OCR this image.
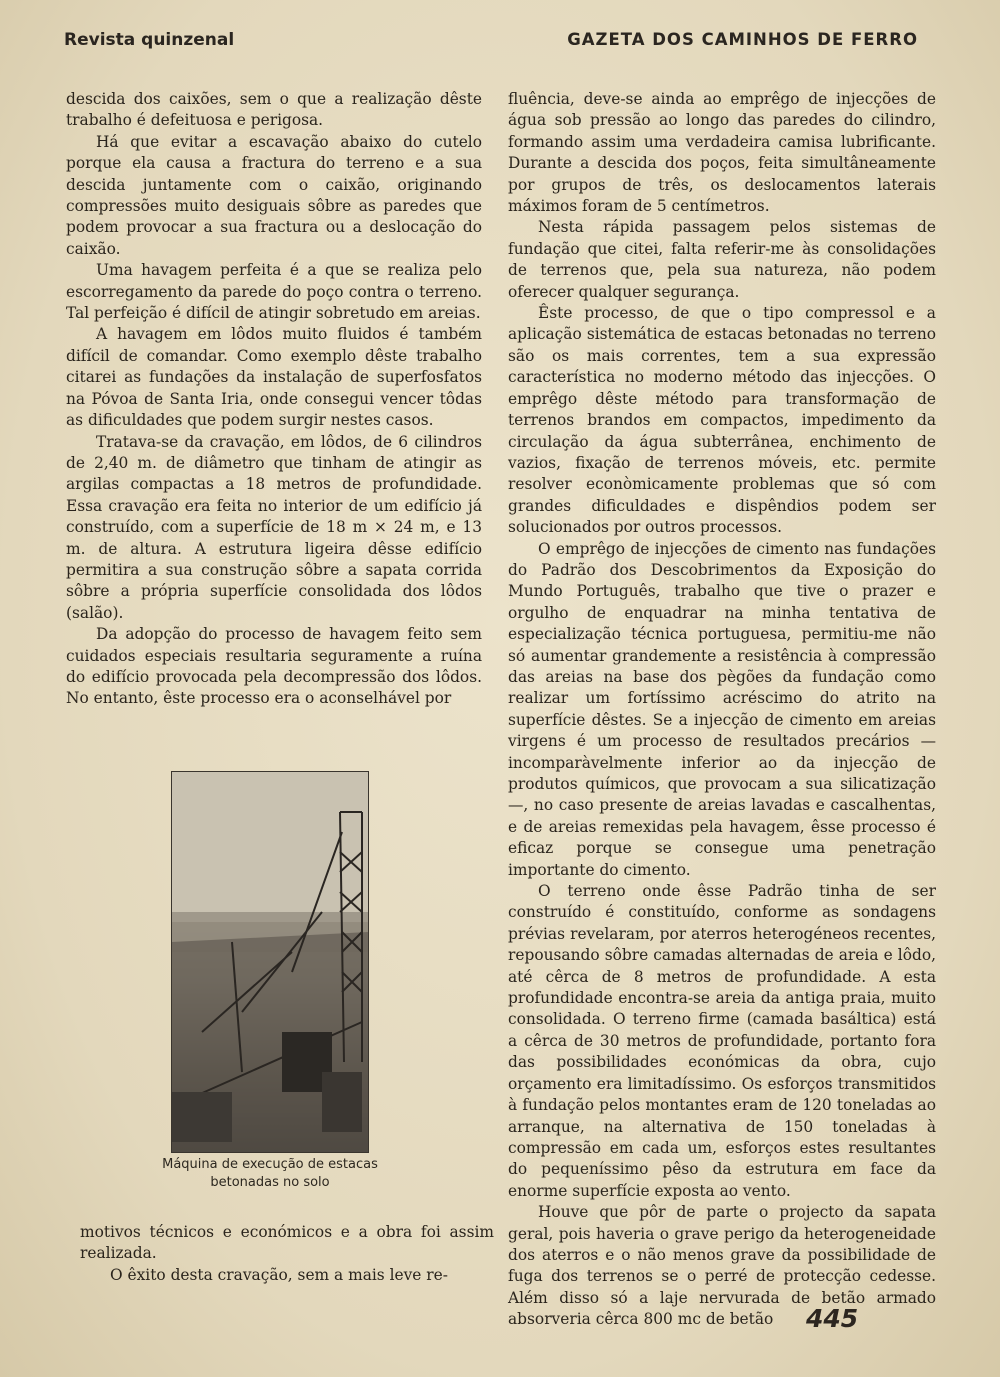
Revista quinzenal	GAZETA DOS CAMINHOS DE FERRO

descida dos caixões, sem o que a realização dêste trabalho é defeituosa e perigosa.

Há que evitar a escavação abaixo do cutelo porque ela causa a fractura do terreno e a sua descida juntamente com o caixão, originando compressões muito desiguais sôbre as paredes que podem provocar a sua fractura ou a deslocação do caixão.

Uma havagem perfeita é a que se realiza pelo escorregamento da parede do poço contra o terreno. Tal perfeição é difícil de atingir sobretudo em areias.

A havagem em lôdos muito fluidos é também difícil de comandar. Como exemplo dêste trabalho citarei as fundações da instalação de superfosfatos na Póvoa de Santa Iria, onde consegui vencer tôdas as dificuldades que podem surgir nestes casos.

Tratava-se da cravação, em lôdos, de 6 cilindros de 2,40 m. de diâmetro que tinham de atingir as argilas compactas a 18 metros de profundidade. Essa cravação era feita no interior de um edifício já construído, com a superfície de 18 m × 24 m, e 13 m. de altura. A estrutura ligeira dêsse edifício permitira a sua construção sôbre a sapata corrida sôbre a própria superfície consolidada dos lôdos (salão).

Da adopção do processo de havagem feito sem cuidados especiais resultaria seguramente a ruína do edifício provocada pela decompressão dos lôdos. No entanto, êste processo era o aconselhável por

Máquina de execução de estacas betonadas no solo

motivos técnicos e económicos e a obra foi assim realizada.

O êxito desta cravação, sem a mais leve re-

fluência, deve-se ainda ao emprêgo de injecções de água sob pressão ao longo das paredes do cilindro, formando assim uma verdadeira camisa lubrificante. Durante a descida dos poços, feita simultâneamente por grupos de três, os deslocamentos laterais máximos foram de 5 centímetros.

Nesta rápida passagem pelos sistemas de fundação que citei, falta referir-me às consolidações de terrenos que, pela sua natureza, não podem oferecer qualquer segurança.

Êste processo, de que o tipo compressol e a aplicação sistemática de estacas betonadas no terreno são os mais correntes, tem a sua expressão característica no moderno método das injecções. O emprêgo dêste método para transformação de terrenos brandos em compactos, impedimento da circulação da água subterrânea, enchimento de vazios, fixação de terrenos móveis, etc. permite resolver econòmicamente problemas que só com grandes dificuldades e dispêndios podem ser solucionados por outros processos.

O emprêgo de injecções de cimento nas fundações do Padrão dos Descobrimentos da Exposição do Mundo Português, trabalho que tive o prazer e orgulho de enquadrar na minha tentativa de especialização técnica portuguesa, permitiu-me não só aumentar grandemente a resistência à compressão das areias na base dos pègões da fundação como realizar um fortíssimo acréscimo do atrito na superfície dêstes. Se a injecção de cimento em areias virgens é um processo de resultados precários — incomparàvelmente inferior ao da injecção de produtos químicos, que provocam a sua silicatização —, no caso presente de areias lavadas e cascalhentas, e de areias remexidas pela havagem, êsse processo é eficaz porque se consegue uma penetração importante do cimento.

O terreno onde êsse Padrão tinha de ser construído é constituído, conforme as sondagens prévias revelaram, por aterros heterogéneos recentes, repousando sôbre camadas alternadas de areia e lôdo, até cêrca de 8 metros de profundidade. A esta profundidade encontra-se areia da antiga praia, muito consolidada. O terreno firme (camada basáltica) está a cêrca de 30 metros de profundidade, portanto fora das possibilidades económicas da obra, cujo orçamento era limitadíssimo. Os esforços transmitidos à fundação pelos montantes eram de 120 toneladas ao arranque, na alternativa de 150 toneladas à compressão em cada um, esforços estes resultantes do pequeníssimo pêso da estrutura em face da enorme superfície exposta ao vento.

Houve que pôr de parte o projecto da sapata geral, pois haveria o grave perigo da heterogeneidade dos aterros e o não menos grave da possibilidade de fuga dos terrenos se o perré de protecção cedesse. Além disso só a laje nervurada de betão armado absorveria cêrca 800 mc de betão	445
